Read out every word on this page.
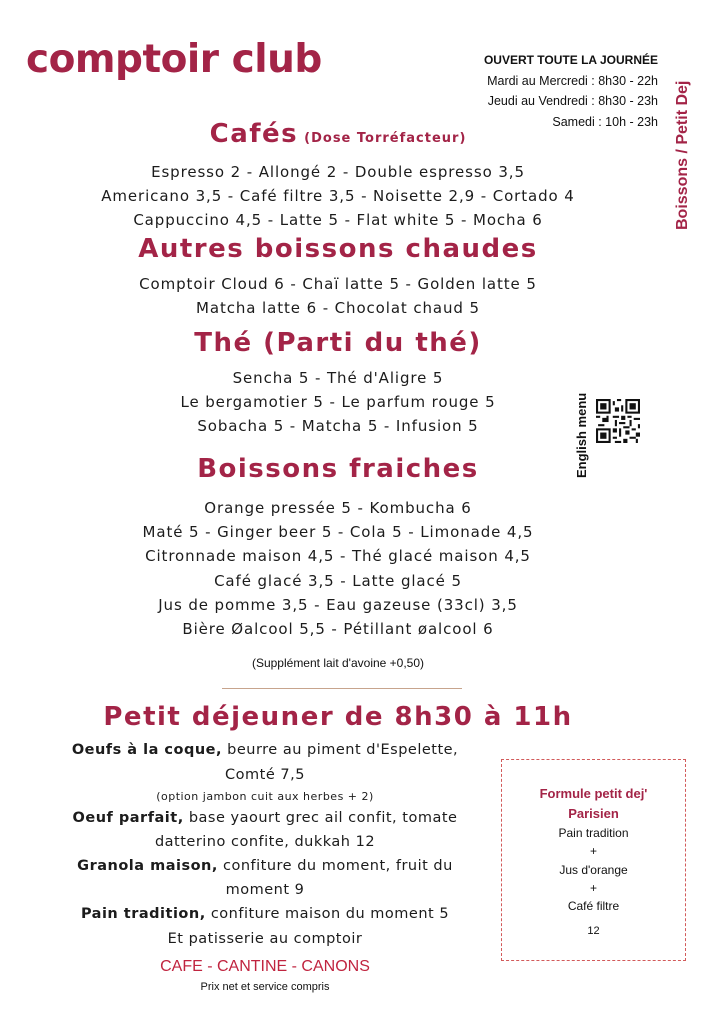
comptoir club	OUVERT TOUTE LA JOURNÉE
Mardi au Mercredi : 8h30 - 22h
Jeudi au Vendredi : 8h30 - 23h
Samedi : 10h - 23h Boissons / Petit Dej
English menu
Cafés (Dose Torréfacteur)
Espresso 2 - Allongé 2 - Double espresso 3,5
Americano 3,5 - Café filtre 3,5 - Noisette 2,9 - Cortado 4
Cappuccino 4,5 - Latte 5 - Flat white 5 - Mocha 6
Autres boissons chaudes
Comptoir Cloud 6 - Chaï latte 5 - Golden latte 5
Matcha latte 6 - Chocolat chaud 5
Thé (Parti du thé)
Sencha 5 - Thé d'Aligre 5
Le bergamotier 5 - Le parfum rouge 5
Sobacha 5 - Matcha 5 - Infusion 5
Boissons fraiches
Orange pressée 5 - Kombucha 6
Maté 5 - Ginger beer 5 - Cola 5 - Limonade 4,5
Citronnade maison 4,5 - Thé glacé maison 4,5
Café glacé 3,5 - Latte glacé 5
Jus de pomme 3,5 - Eau gazeuse (33cl) 3,5
Bière Øalcool 5,5 - Pétillant øalcool 6
(Supplément lait d'avoine +0,50)
Petit déjeuner de 8h30 à 11h
Oeufs à la coque, beurre au piment d'Espelette,
Comté 7,5
(option jambon cuit aux herbes + 2)
Oeuf parfait, base yaourt grec ail confit, tomate
datterino confite, dukkah 12
Granola maison, confiture du moment, fruit du
moment 9
Pain tradition, confiture maison du moment 5
Et patisserie au comptoir
CAFE - CANTINE - CANONS
Prix net et service compris
Formule petit dej' Parisien
Pain tradition
+
Jus d'orange
+
Café filtre
12
